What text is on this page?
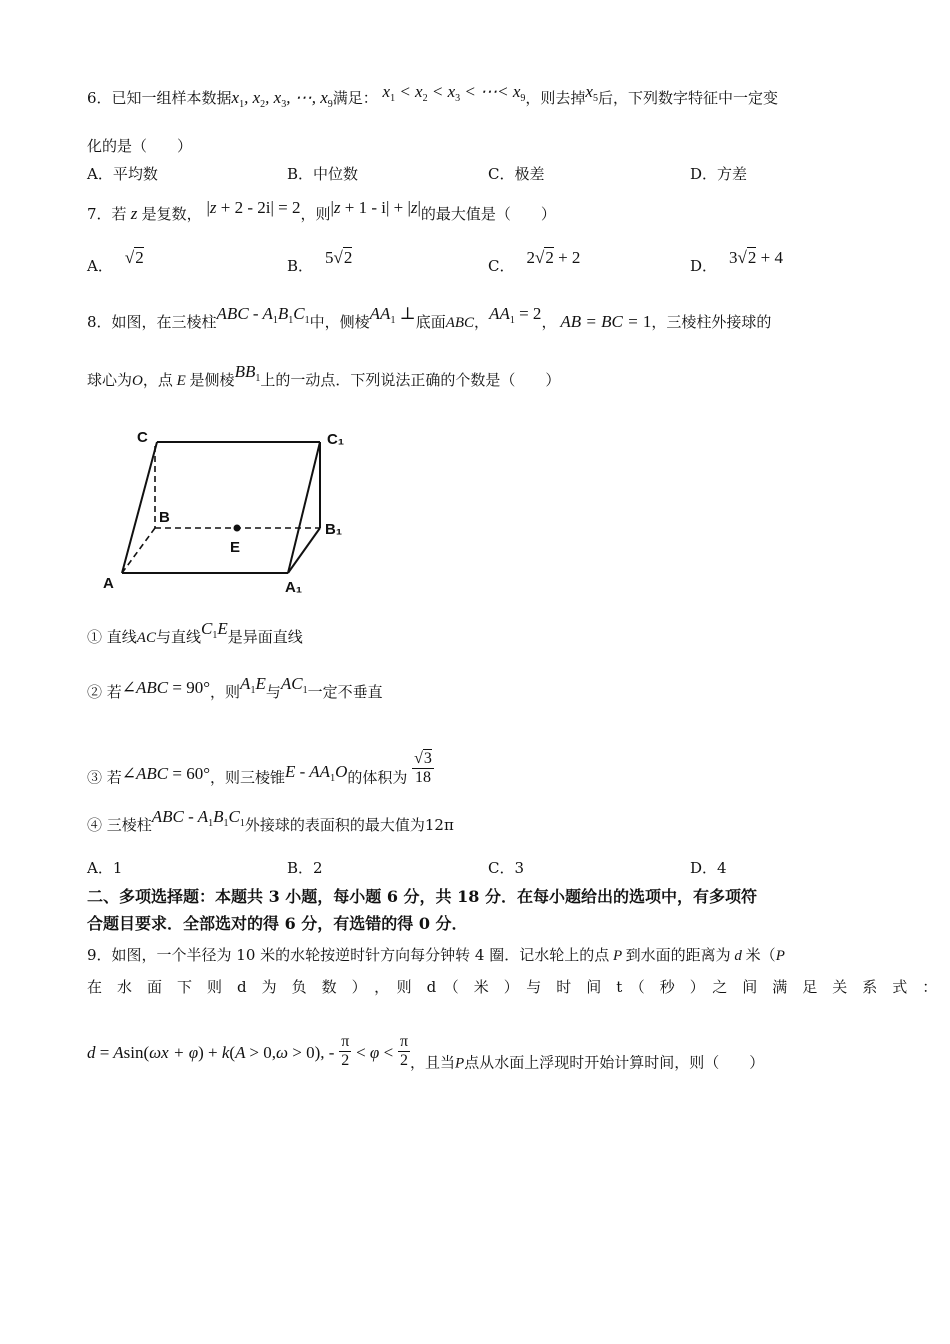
6．已知一组样本数据$x_1$, $x_2$, $x_3$, ⋯, $x_9$满足： $x_1 < x_2 < x_3$ < ⋯< $x_9$，则去掉$x_5$后，下列数字特征中一定变
化的是（　　）
A．平均数	B．中位数	C．极差	D．方差
7．若 z 是复数， |z + 2 - 2i| = 2，则|z + 1 - i| + |z|的最大值是（　　）
A． √2	B． 5√2	C． 2√2 + 2	D． 3√2 + 4
8．如图，在三棱柱ABC - $A_1B_1C_1$中，侧棱$AA_1$ ⊥底面ABC，$AA_1 = 2$， AB = BC = 1，三棱柱外接球的
球心为O，点 E 是侧棱$BB_1$上的一动点．下列说法正确的个数是（　　）
C	C₁
B
B₁
E
A	A₁
① 直线AC与直线$C_1E$是异面直线
② 若∠ABC = 90°，则$A_1E$与$AC_1$一定不垂直
③ 若∠ABC = 60°，则三棱锥E - $AA_1O$的体积为 $\frac{√3}{18}$
④ 三棱柱ABC - $A_1B_1C_1$外接球的表面积的最大值为12π
A．1	B．2	C．3	D．4
二、多项选择题：本题共 3 小题，每小题 6 分，共 18 分．在每小题给出的选项中，有多项符
合题目要求．全部选对的得 6 分，有选错的得 0 分．
9．如图，一个半径为 10 米的水轮按逆时针方向每分钟转 4 圈．记水轮上的点 P 到水面的距离为 d 米（P
在　水　面　下　则　d　为　负　数　）　，　则　d　（　米　）　与　时　间　t　（　秒　）　之　间　满　足　关　系　式　：
d = Asin(ωx + φ) + k(A > 0,ω > 0), - $\frac{\pi}{2} < \varphi < \frac{\pi}{2}$ ，且当P点从水面上浮现时开始计算时间，则（　　）
